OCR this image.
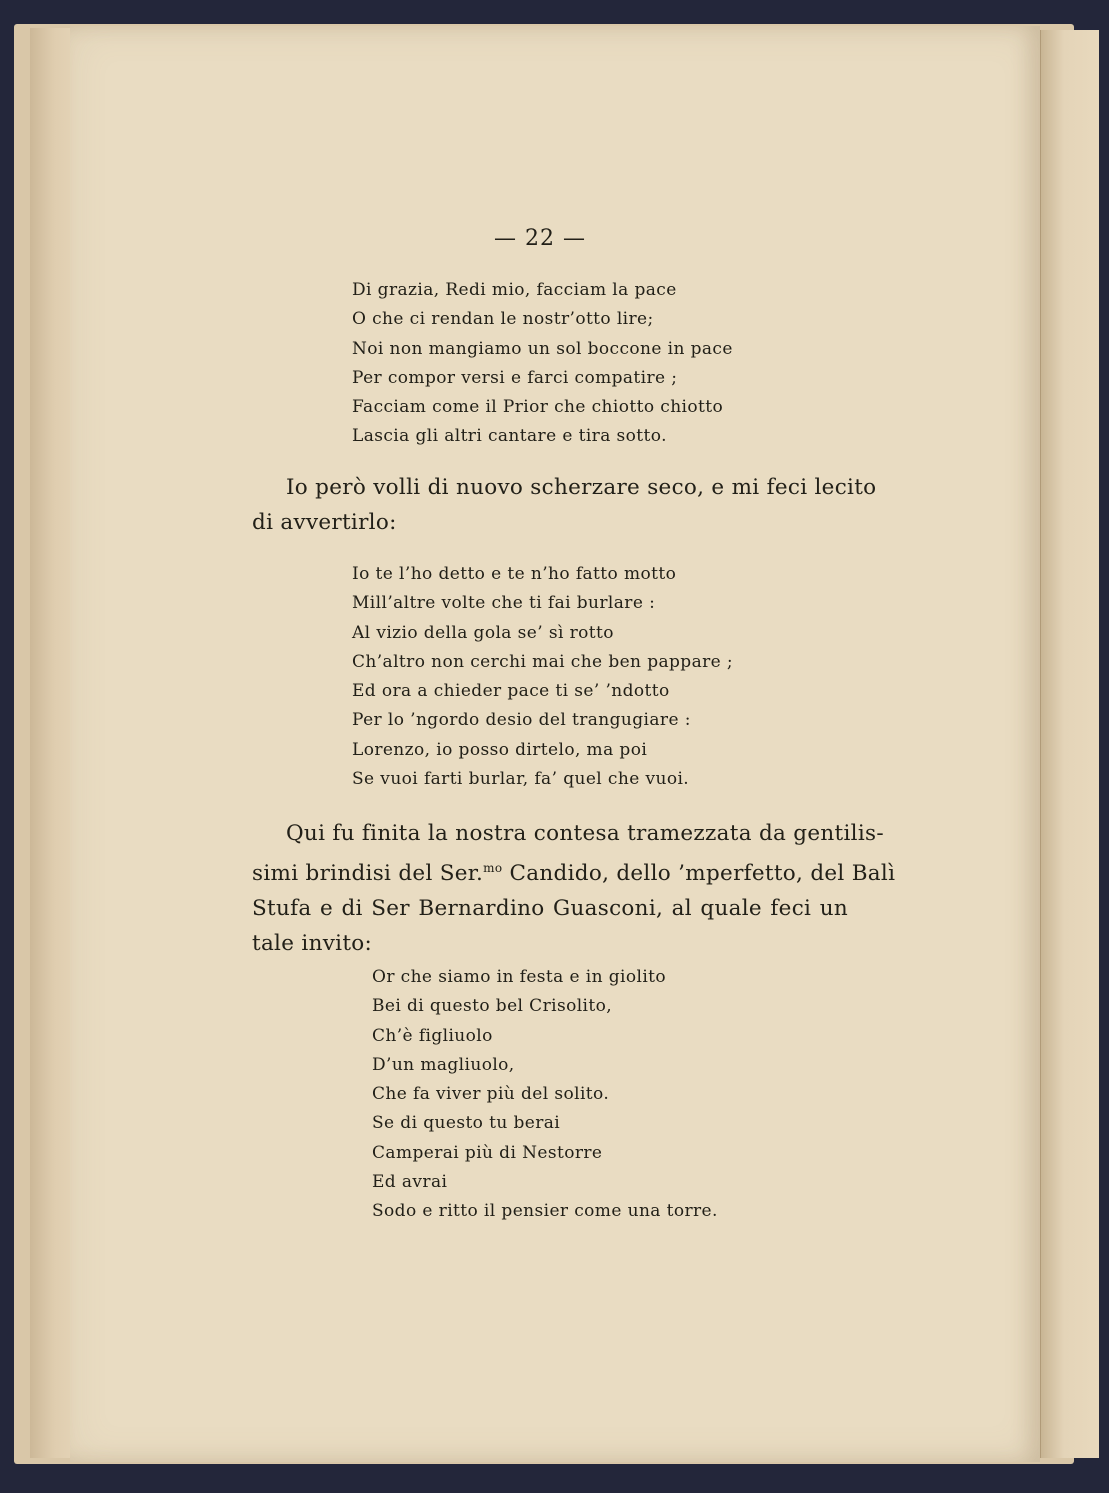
— 22 —
Di grazia, Redi mio, facciam la pace
O che ci rendan le nostr’otto lire;
Noi non mangiamo un sol boccone in pace
Per compor versi e farci compatire ;
Facciam come il Prior che chiotto chiotto
Lascia gli altri cantare e tira sotto.
Io però volli di nuovo scherzare seco, e mi feci lecito
di avvertirlo:
Io te l’ho detto e te n’ho fatto motto
Mill’altre volte che ti fai burlare :
Al vizio della gola se’ sì rotto
Ch’altro non cerchi mai che ben pappare ;
Ed ora a chieder pace ti se’ ’ndotto
Per lo ’ngordo desio del trangugiare :
Lorenzo, io posso dirtelo, ma poi
Se vuoi farti burlar, fa’ quel che vuoi.
Qui fu finita la nostra contesa tramezzata da gentilis-
simi brindisi del Ser.$^{mo}$ Candido, dello ’mperfetto, del Balì
Stufa e di Ser Bernardino Guasconi, al quale feci un
tale invito:
Or che siamo in festa e in giolito
Bei di questo bel Crisolito,
Ch’è figliuolo
D’un magliuolo,
Che fa viver più del solito.
Se di questo tu berai
Camperai più di Nestorre
Ed avrai
Sodo e ritto il pensier come una torre.
